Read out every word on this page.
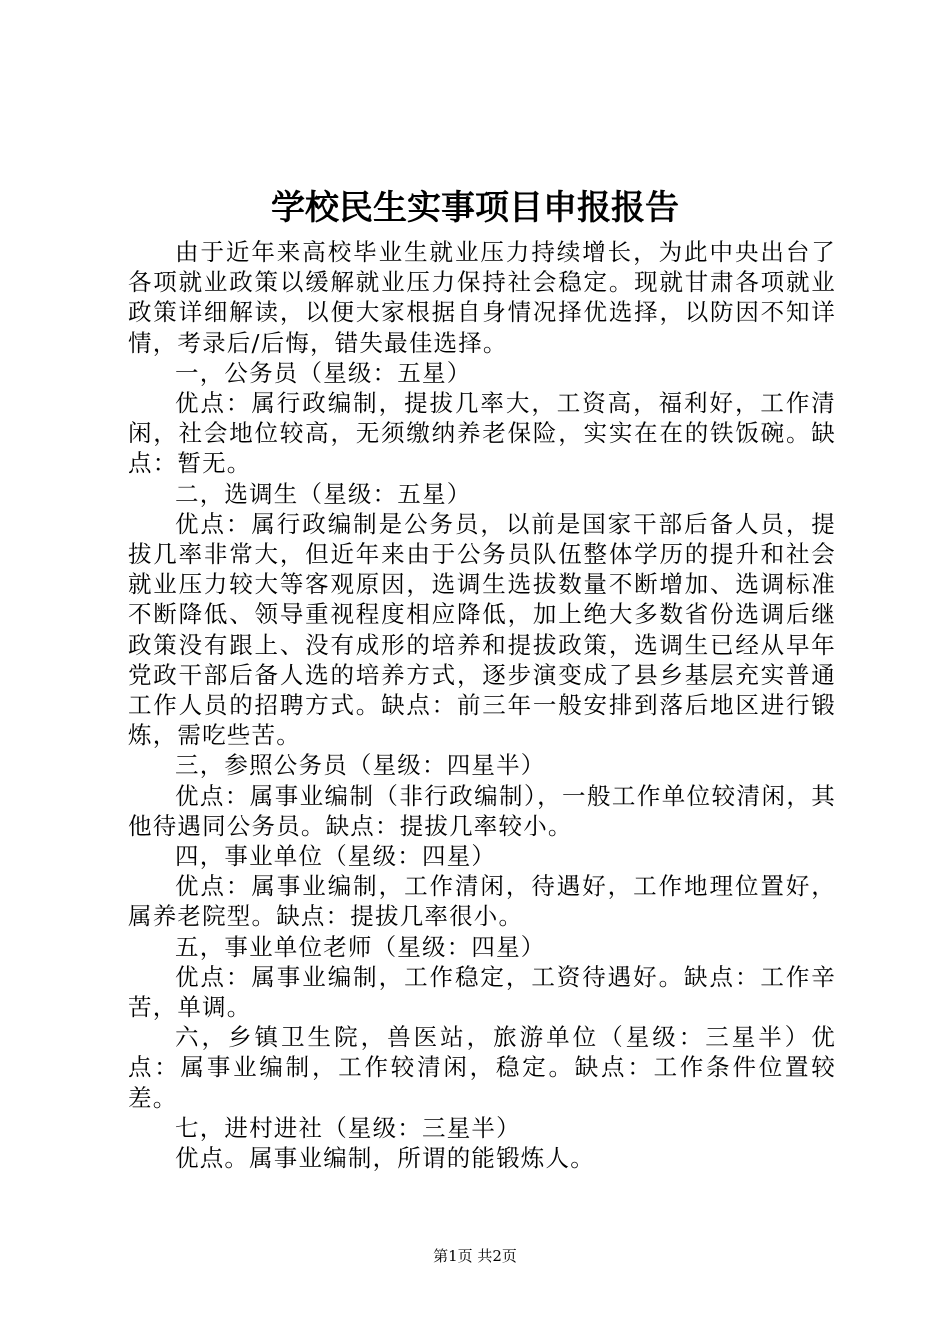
学校民生实事项目申报报告

由于近年来高校毕业生就业压力持续增长，为此中央出台了各项就业政策以缓解就业压力保持社会稳定。现就甘肃各项就业政策详细解读，以便大家根据自身情况择优选择，以防因不知详情，考录后/后悔，错失最佳选择。

一，公务员（星级：五星）

优点：属行政编制，提拔几率大，工资高，福利好，工作清闲，社会地位较高，无须缴纳养老保险，实实在在的铁饭碗。缺点：暂无。

二，选调生（星级：五星）

优点：属行政编制是公务员，以前是国家干部后备人员，提拔几率非常大，但近年来由于公务员队伍整体学历的提升和社会就业压力较大等客观原因，选调生选拔数量不断增加、选调标准不断降低、领导重视程度相应降低，加上绝大多数省份选调后继政策没有跟上、没有成形的培养和提拔政策，选调生已经从早年党政干部后备人选的培养方式，逐步演变成了县乡基层充实普通工作人员的招聘方式。缺点：前三年一般安排到落后地区进行锻炼，需吃些苦。

三，参照公务员（星级：四星半）

优点：属事业编制（非行政编制），一般工作单位较清闲，其他待遇同公务员。缺点：提拔几率较小。

四，事业单位（星级：四星）

优点：属事业编制，工作清闲，待遇好，工作地理位置好，属养老院型。缺点：提拔几率很小。

五，事业单位老师（星级：四星）

优点：属事业编制，工作稳定，工资待遇好。缺点：工作辛苦，单调。

六，乡镇卫生院，兽医站，旅游单位（星级：三星半）优点：属事业编制，工作较清闲，稳定。缺点：工作条件位置较差。

七，进村进社（星级：三星半）

优点。属事业编制，所谓的能锻炼人。

第1页 共2页
